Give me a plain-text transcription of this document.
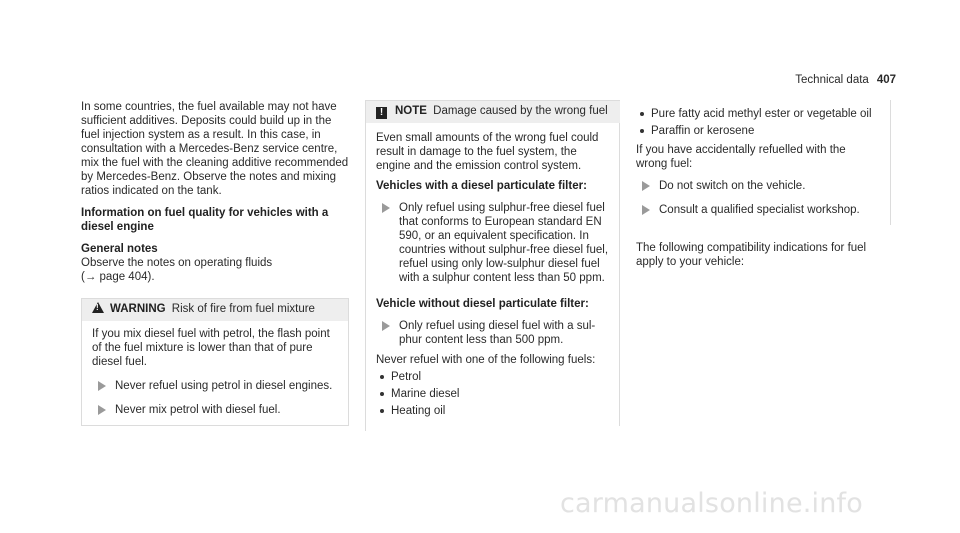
Technical data 407

In some countries, the fuel available may not have sufficient additives. Deposits could build up in the fuel injection system as a result. In this case, in consultation with a Mercedes-Benz service centre, mix the fuel with the cleaning additive recommended by Mercedes-Benz. Observe the notes and mixing ratios indicated on the tank.

Information on fuel quality for vehicles with a diesel engine

General notes

Observe the notes on operating fluids
(→ page 404).

!WARNING Risk of fire from fuel mixture

If you mix diesel fuel with petrol, the flash point of the fuel mixture is lower than that of pure diesel fuel.

Never refuel using petrol in diesel engines.
Never mix petrol with diesel fuel.
! NOTE Damage caused by the wrong fuel

Even small amounts of the wrong fuel could result in damage to the fuel system, the engine and the emission control system.

Vehicles with a diesel particulate filter:

Only refuel using sulphur-free diesel fuel that conforms to European standard EN 590, or an equivalent specification. In countries without sulphur-free diesel fuel, refuel using only low-sulphur diesel fuel with a sulphur content less than 50 ppm.

Vehicle without diesel particulate filter:

Only refuel using diesel fuel with a sulphur content less than 500 ppm.

Never refuel with one of the following fuels:

Petrol
Marine diesel
Heating oil
Pure fatty acid methyl ester or vegetable oil
Paraffin or kerosene

If you have accidentally refuelled with the wrong fuel:

Do not switch on the vehicle.
Consult a qualified specialist workshop.

The following compatibility indications for fuel apply to your vehicle:

carmanualsonline.info
